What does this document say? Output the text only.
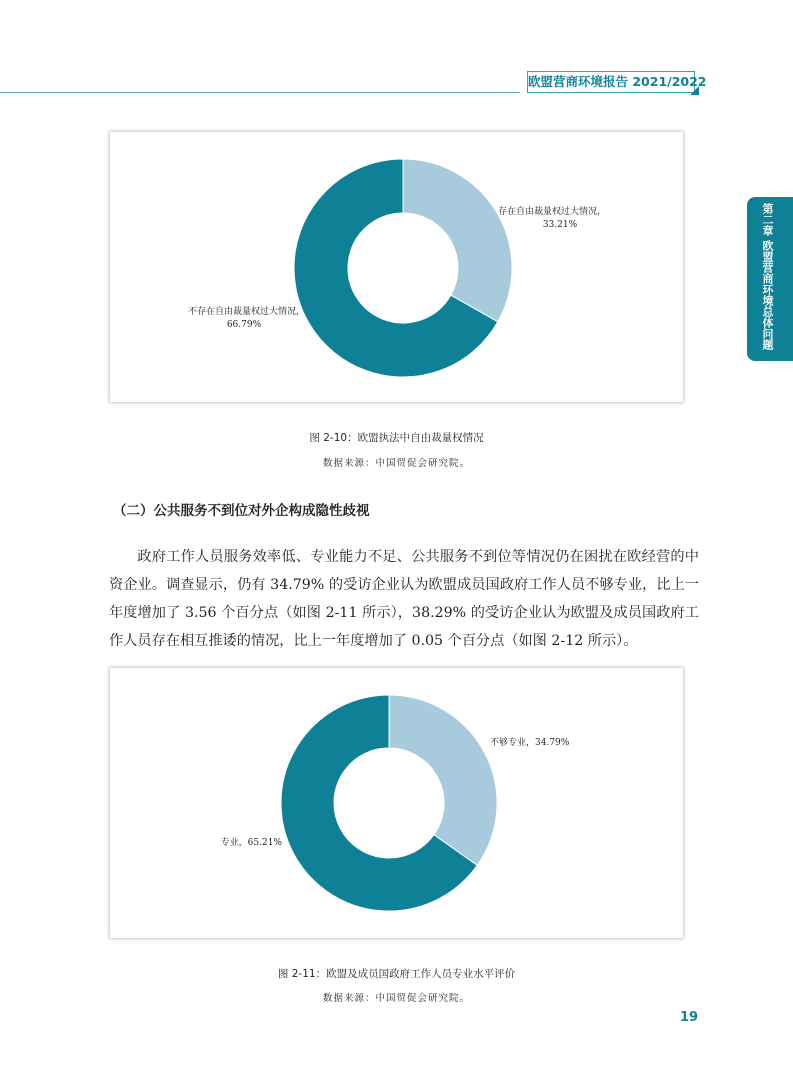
欧盟营商环境报告 2021/2022
第二章 欧盟营商环境总体问题
存在自由裁量权过大情况，
33.21%
不存在自由裁量权过大情况，
66.79%
图 2-10：欧盟执法中自由裁量权情况
数据来源：中国贸促会研究院。
（二）公共服务不到位对外企构成隐性歧视

政府工作人员服务效率低、专业能力不足、公共服务不到位等情况仍在困扰在欧经营的中资企业。调查显示，仍有 34.79% 的受访企业认为欧盟成员国政府工作人员不够专业，比上一年度增加了 3.56 个百分点（如图 2-11 所示），38.29% 的受访企业认为欧盟及成员国政府工作人员存在相互推诿的情况，比上一年度增加了 0.05 个百分点（如图 2-12 所示）。

不够专业，34.79%
专业，65.21%
图 2-11：欧盟及成员国政府工作人员专业水平评价
数据来源：中国贸促会研究院。
19
